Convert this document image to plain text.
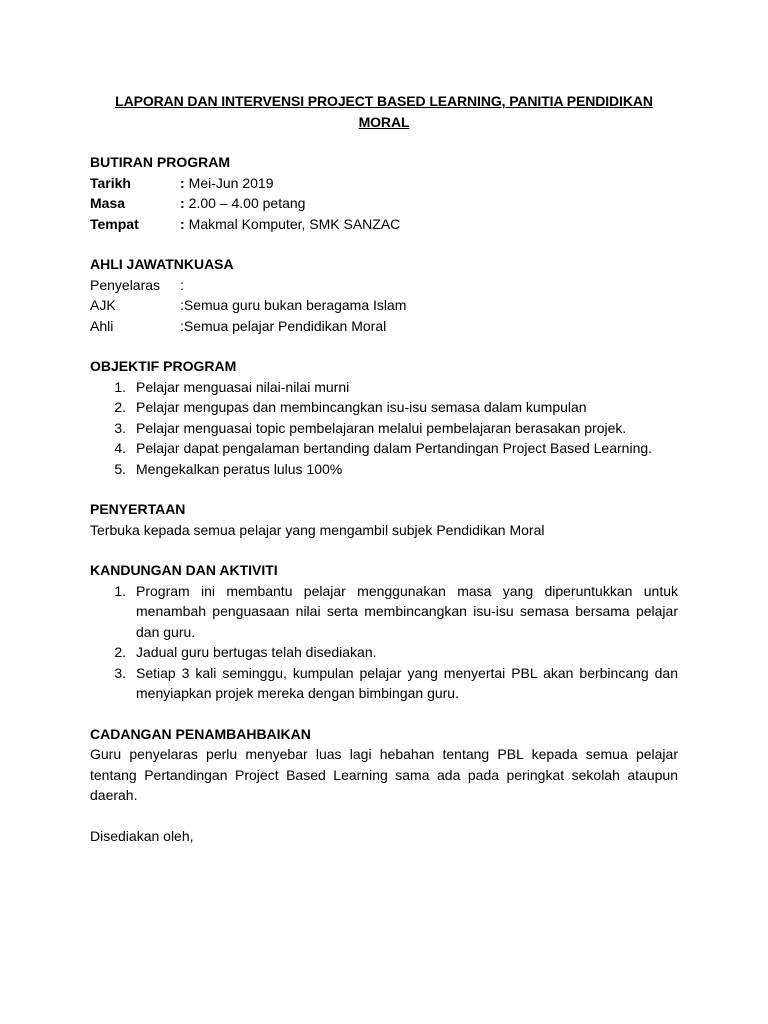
LAPORAN DAN INTERVENSI PROJECT BASED LEARNING, PANITIA PENDIDIKAN MORAL
BUTIRAN PROGRAM
Tarikh	: Mei-Jun 2019
Masa	: 2.00 – 4.00 petang
Tempat	: Makmal Komputer, SMK SANZAC
AHLI JAWATNKUASA
Penyelaras	:
AJK	: Semua guru bukan beragama Islam
Ahli	: Semua pelajar Pendidikan Moral
OBJEKTIF PROGRAM
1. Pelajar menguasai nilai-nilai murni
2. Pelajar mengupas dan membincangkan isu-isu semasa dalam kumpulan
3. Pelajar menguasai topic pembelajaran melalui pembelajaran berasakan projek.
4. Pelajar dapat pengalaman bertanding dalam Pertandingan Project Based Learning.
5. Mengekalkan peratus lulus 100%
PENYERTAAN
Terbuka kepada semua pelajar yang mengambil subjek Pendidikan Moral
KANDUNGAN DAN AKTIVITI
1. Program ini membantu pelajar menggunakan masa yang diperuntukkan untuk menambah penguasaan nilai serta membincangkan isu-isu semasa bersama pelajar dan guru.
2. Jadual guru bertugas telah disediakan.
3. Setiap 3 kali seminggu, kumpulan pelajar yang menyertai PBL akan berbincang dan menyiapkan projek mereka dengan bimbingan guru.
CADANGAN PENAMBAHBAIKAN
Guru penyelaras perlu menyebar luas lagi hebahan tentang PBL kepada semua pelajar tentang Pertandingan Project Based Learning sama ada pada peringkat sekolah ataupun daerah.
Disediakan oleh,
